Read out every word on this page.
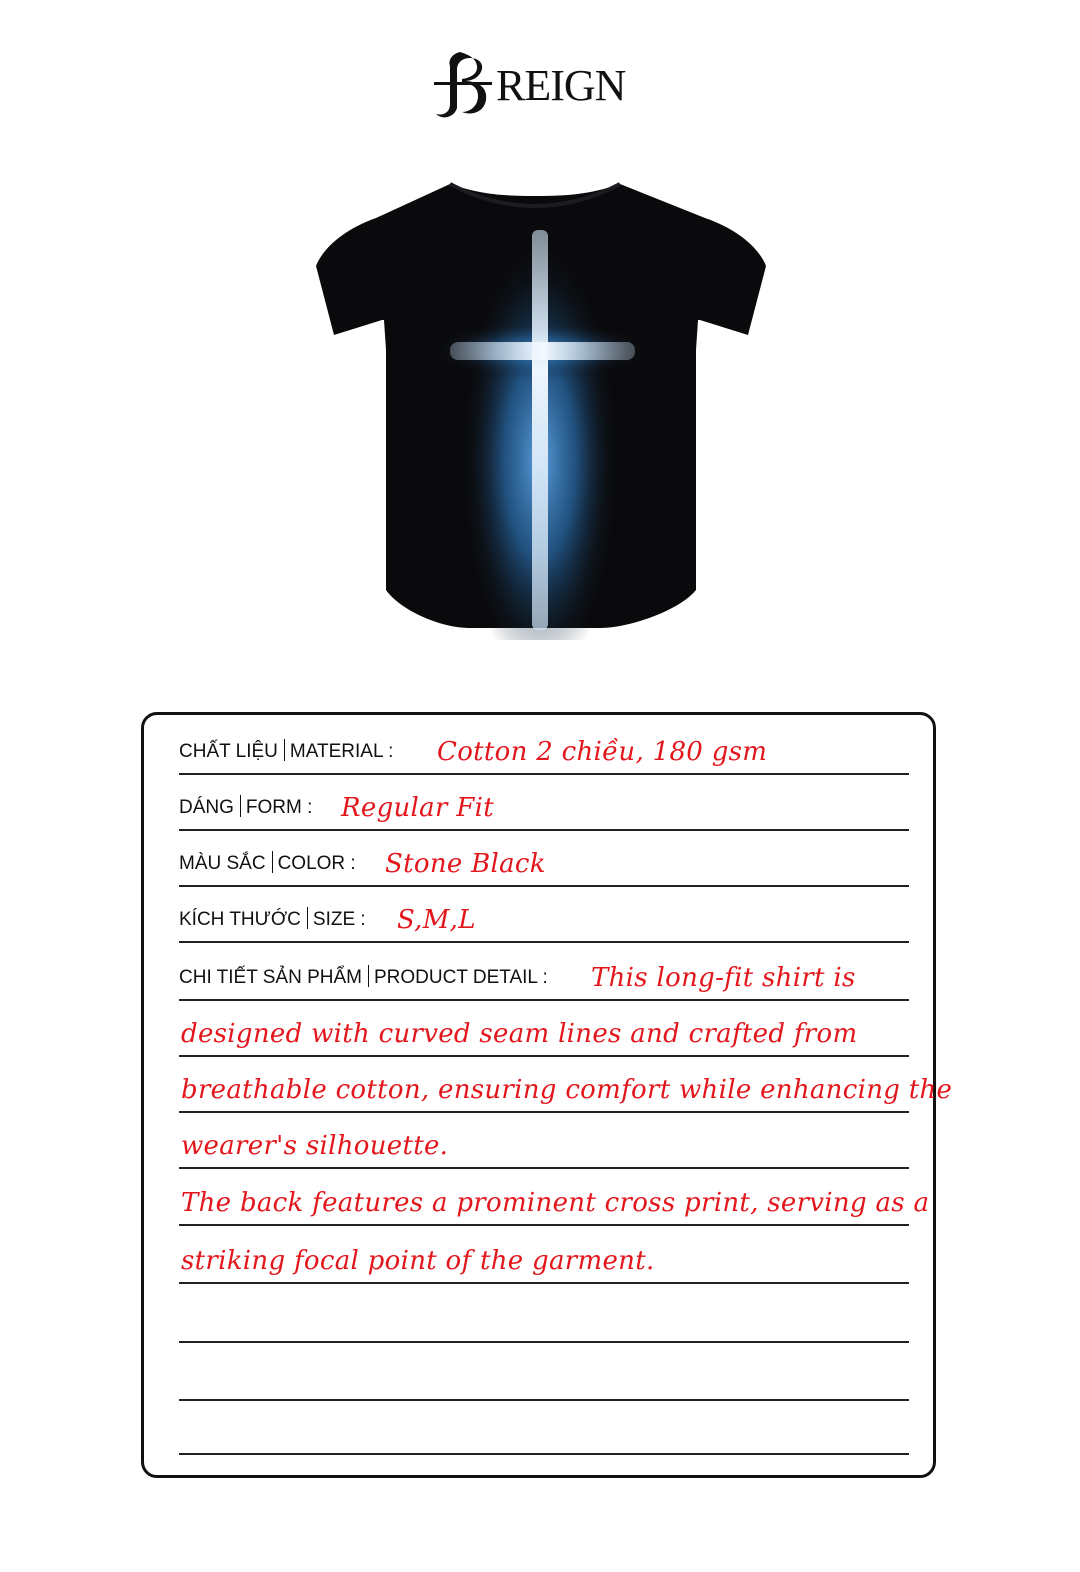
REIGN
CHẤT LIỆU MATERIAL : Cotton 2 chiều, 180 gsm
DÁNG FORM : Regular Fit
MÀU SẮC COLOR : Stone Black
KÍCH THƯỚC SIZE : S,M,L
CHI TIẾT SẢN PHẨM PRODUCT DETAIL : This long-fit shirt is
designed with curved seam lines and crafted from
breathable cotton, ensuring comfort while enhancing the
wearer's silhouette.
The back features a prominent cross print, serving as a
striking focal point of the garment.
